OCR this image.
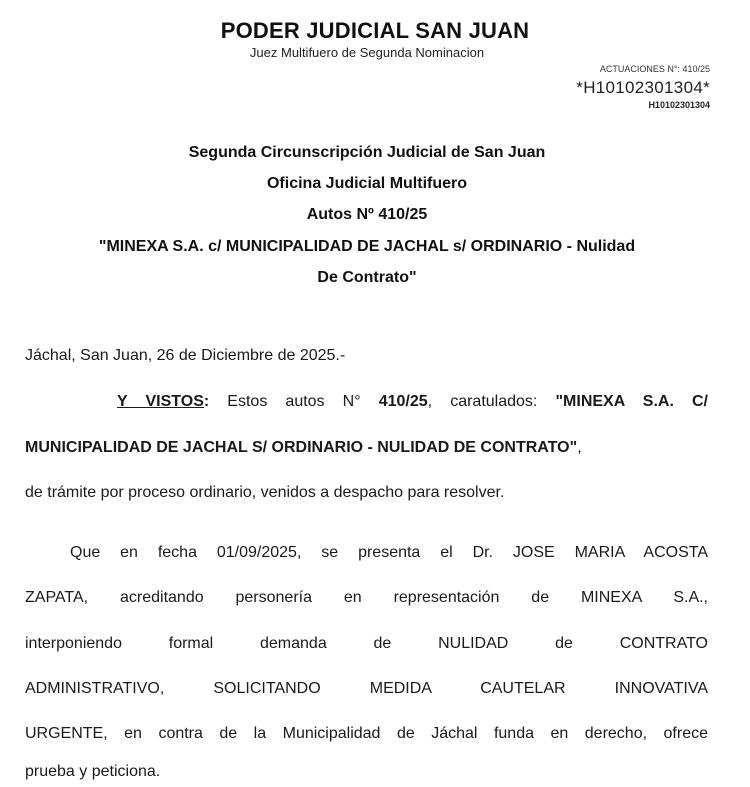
PODER JUDICIAL SAN JUAN
Juez Multifuero de Segunda Nominacion
ACTUACIONES N°: 410/25
*H10102301304*
H10102301304
Segunda Circunscripción Judicial de San Juan
Oficina Judicial Multifuero
Autos Nº 410/25
"MINEXA S.A. c/ MUNICIPALIDAD DE JACHAL s/ ORDINARIO - Nulidad
De Contrato"
Jáchal, San Juan, 26 de Diciembre de 2025.-
Y VISTOS: Estos autos N° 410/25, caratulados: "MINEXA S.A. C/
MUNICIPALIDAD DE JACHAL S/ ORDINARIO - NULIDAD DE CONTRATO",
de trámite por proceso ordinario, venidos a despacho para resolver.
Que en fecha 01/09/2025, se presenta el Dr. JOSE MARIA ACOSTA
ZAPATA, acreditando personería en representación de MINEXA S.A.,
interponiendo formal demanda de NULIDAD de CONTRATO
ADMINISTRATIVO, SOLICITANDO MEDIDA CAUTELAR INNOVATIVA
URGENTE, en contra de la Municipalidad de Jáchal funda en derecho, ofrece
prueba y peticiona.
